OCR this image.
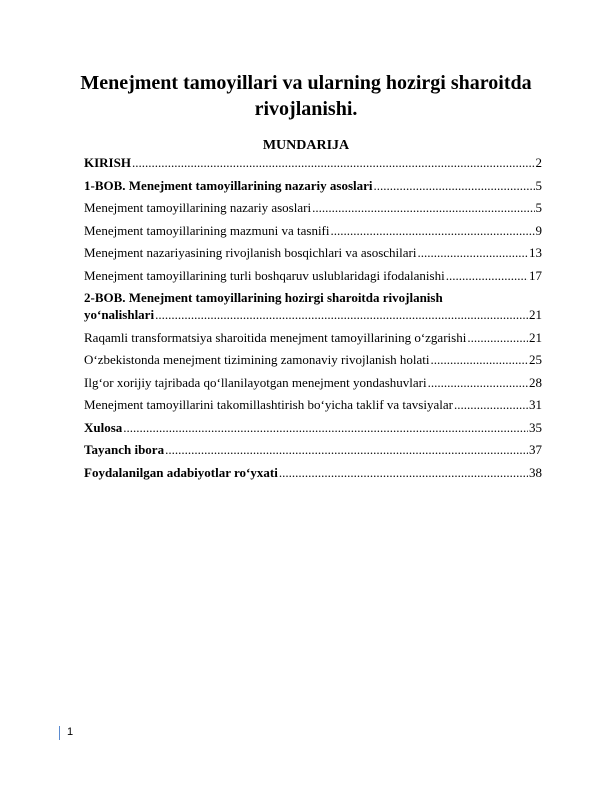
Menejment tamoyillari va ularning hozirgi sharoitda rivojlanishi.
MUNDARIJA
KIRISH .....	2
1-BOB. Menejment tamoyillarining nazariy asoslari .....	5
Menejment tamoyillarining nazariy asoslari .....	5
Menejment tamoyillarining mazmuni va tasnifi .....	9
Menejment nazariyasining rivojlanish bosqichlari va asoschilari .....	13
Menejment tamoyillarining turli boshqaruv uslublaridagi ifodalanishi .....	17
2-BOB. Menejment tamoyillarining hozirgi sharoitda rivojlanish
yo‘nalishlari .....	21
Raqamli transformatsiya sharoitida menejment tamoyillarining o‘zgarishi .....	21
O‘zbekistonda menejment tizimining zamonaviy rivojlanish holati .....	25
Ilg‘or xorijiy tajribada qo‘llanilayotgan menejment yondashuvlari .....	28
Menejment tamoyillarini takomillashtirish bo‘yicha taklif va tavsiyalar .....	31
Xulosa .....	35
Tayanch ibora .....	37
Foydalanilgan adabiyotlar ro‘yxati .....	38
1
